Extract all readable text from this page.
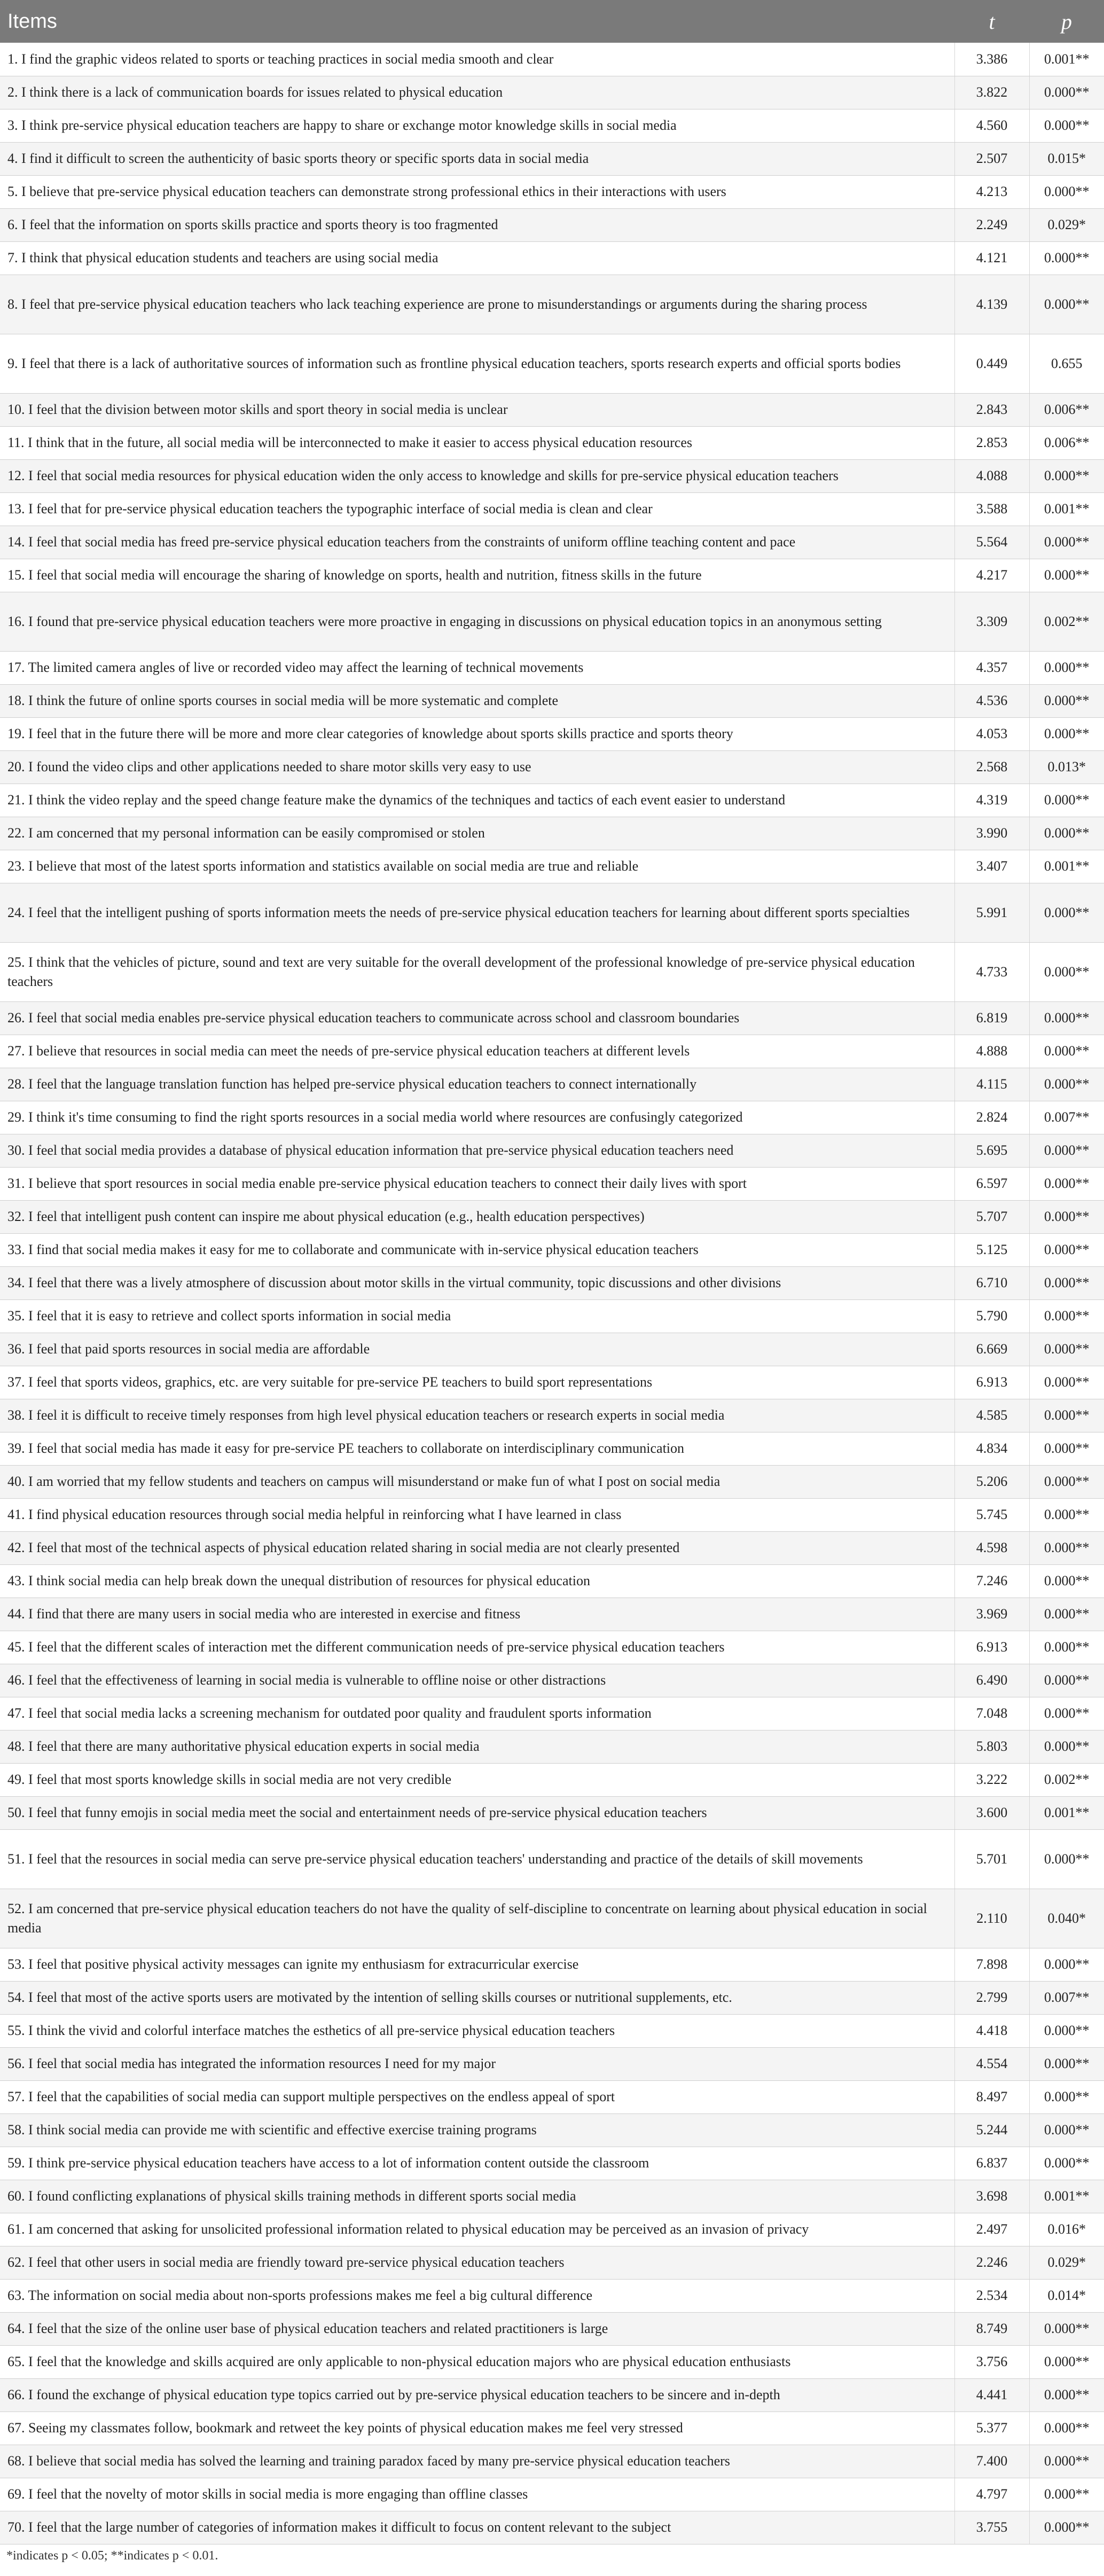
Items	t	p
1. I find the graphic videos related to sports or teaching practices in social media smooth and clear	3.386	0.001**
2. I think there is a lack of communication boards for issues related to physical education	3.822	0.000**
3. I think pre-service physical education teachers are happy to share or exchange motor knowledge skills in social media	4.560	0.000**
4. I find it difficult to screen the authenticity of basic sports theory or specific sports data in social media	2.507	0.015*
5. I believe that pre-service physical education teachers can demonstrate strong professional ethics in their interactions with users	4.213	0.000**
6. I feel that the information on sports skills practice and sports theory is too fragmented	2.249	0.029*
7. I think that physical education students and teachers are using social media	4.121	0.000**
8. I feel that pre-service physical education teachers who lack teaching experience are prone to misunderstandings or arguments during the sharing process	4.139	0.000**
9. I feel that there is a lack of authoritative sources of information such as frontline physical education teachers, sports research experts and official sports bodies	0.449	0.655
10. I feel that the division between motor skills and sport theory in social media is unclear	2.843	0.006**
11. I think that in the future, all social media will be interconnected to make it easier to access physical education resources	2.853	0.006**
12. I feel that social media resources for physical education widen the only access to knowledge and skills for pre-service physical education teachers	4.088	0.000**
13. I feel that for pre-service physical education teachers the typographic interface of social media is clean and clear	3.588	0.001**
14. I feel that social media has freed pre-service physical education teachers from the constraints of uniform offline teaching content and pace	5.564	0.000**
15. I feel that social media will encourage the sharing of knowledge on sports, health and nutrition, fitness skills in the future	4.217	0.000**
16. I found that pre-service physical education teachers were more proactive in engaging in discussions on physical education topics in an anonymous setting	3.309	0.002**
17. The limited camera angles of live or recorded video may affect the learning of technical movements	4.357	0.000**
18. I think the future of online sports courses in social media will be more systematic and complete	4.536	0.000**
19. I feel that in the future there will be more and more clear categories of knowledge about sports skills practice and sports theory	4.053	0.000**
20. I found the video clips and other applications needed to share motor skills very easy to use	2.568	0.013*
21. I think the video replay and the speed change feature make the dynamics of the techniques and tactics of each event easier to understand	4.319	0.000**
22. I am concerned that my personal information can be easily compromised or stolen	3.990	0.000**
23. I believe that most of the latest sports information and statistics available on social media are true and reliable	3.407	0.001**
24. I feel that the intelligent pushing of sports information meets the needs of pre-service physical education teachers for learning about different sports specialties	5.991	0.000**
25. I think that the vehicles of picture, sound and text are very suitable for the overall development of the professional knowledge of pre-service physical education teachers	4.733	0.000**
26. I feel that social media enables pre-service physical education teachers to communicate across school and classroom boundaries	6.819	0.000**
27. I believe that resources in social media can meet the needs of pre-service physical education teachers at different levels	4.888	0.000**
28. I feel that the language translation function has helped pre-service physical education teachers to connect internationally	4.115	0.000**
29. I think it's time consuming to find the right sports resources in a social media world where resources are confusingly categorized	2.824	0.007**
30. I feel that social media provides a database of physical education information that pre-service physical education teachers need	5.695	0.000**
31. I believe that sport resources in social media enable pre-service physical education teachers to connect their daily lives with sport	6.597	0.000**
32. I feel that intelligent push content can inspire me about physical education (e.g., health education perspectives)	5.707	0.000**
33. I find that social media makes it easy for me to collaborate and communicate with in-service physical education teachers	5.125	0.000**
34. I feel that there was a lively atmosphere of discussion about motor skills in the virtual community, topic discussions and other divisions	6.710	0.000**
35. I feel that it is easy to retrieve and collect sports information in social media	5.790	0.000**
36. I feel that paid sports resources in social media are affordable	6.669	0.000**
37. I feel that sports videos, graphics, etc. are very suitable for pre-service PE teachers to build sport representations	6.913	0.000**
38. I feel it is difficult to receive timely responses from high level physical education teachers or research experts in social media	4.585	0.000**
39. I feel that social media has made it easy for pre-service PE teachers to collaborate on interdisciplinary communication	4.834	0.000**
40. I am worried that my fellow students and teachers on campus will misunderstand or make fun of what I post on social media	5.206	0.000**
41. I find physical education resources through social media helpful in reinforcing what I have learned in class	5.745	0.000**
42. I feel that most of the technical aspects of physical education related sharing in social media are not clearly presented	4.598	0.000**
43. I think social media can help break down the unequal distribution of resources for physical education	7.246	0.000**
44. I find that there are many users in social media who are interested in exercise and fitness	3.969	0.000**
45. I feel that the different scales of interaction met the different communication needs of pre-service physical education teachers	6.913	0.000**
46. I feel that the effectiveness of learning in social media is vulnerable to offline noise or other distractions	6.490	0.000**
47. I feel that social media lacks a screening mechanism for outdated poor quality and fraudulent sports information	7.048	0.000**
48. I feel that there are many authoritative physical education experts in social media	5.803	0.000**
49. I feel that most sports knowledge skills in social media are not very credible	3.222	0.002**
50. I feel that funny emojis in social media meet the social and entertainment needs of pre-service physical education teachers	3.600	0.001**
51. I feel that the resources in social media can serve pre-service physical education teachers' understanding and practice of the details of skill movements	5.701	0.000**
52. I am concerned that pre-service physical education teachers do not have the quality of self-discipline to concentrate on learning about physical education in social media	2.110	0.040*
53. I feel that positive physical activity messages can ignite my enthusiasm for extracurricular exercise	7.898	0.000**
54. I feel that most of the active sports users are motivated by the intention of selling skills courses or nutritional supplements, etc.	2.799	0.007**
55. I think the vivid and colorful interface matches the esthetics of all pre-service physical education teachers	4.418	0.000**
56. I feel that social media has integrated the information resources I need for my major	4.554	0.000**
57. I feel that the capabilities of social media can support multiple perspectives on the endless appeal of sport	8.497	0.000**
58. I think social media can provide me with scientific and effective exercise training programs	5.244	0.000**
59. I think pre-service physical education teachers have access to a lot of information content outside the classroom	6.837	0.000**
60. I found conflicting explanations of physical skills training methods in different sports social media	3.698	0.001**
61. I am concerned that asking for unsolicited professional information related to physical education may be perceived as an invasion of privacy	2.497	0.016*
62. I feel that other users in social media are friendly toward pre-service physical education teachers	2.246	0.029*
63. The information on social media about non-sports professions makes me feel a big cultural difference	2.534	0.014*
64. I feel that the size of the online user base of physical education teachers and related practitioners is large	8.749	0.000**
65. I feel that the knowledge and skills acquired are only applicable to non-physical education majors who are physical education enthusiasts	3.756	0.000**
66. I found the exchange of physical education type topics carried out by pre-service physical education teachers to be sincere and in-depth	4.441	0.000**
67. Seeing my classmates follow, bookmark and retweet the key points of physical education makes me feel very stressed	5.377	0.000**
68. I believe that social media has solved the learning and training paradox faced by many pre-service physical education teachers	7.400	0.000**
69. I feel that the novelty of motor skills in social media is more engaging than offline classes	4.797	0.000**
70. I feel that the large number of categories of information makes it difficult to focus on content relevant to the subject	3.755	0.000**
*indicates p < 0.05; **indicates p < 0.01.
